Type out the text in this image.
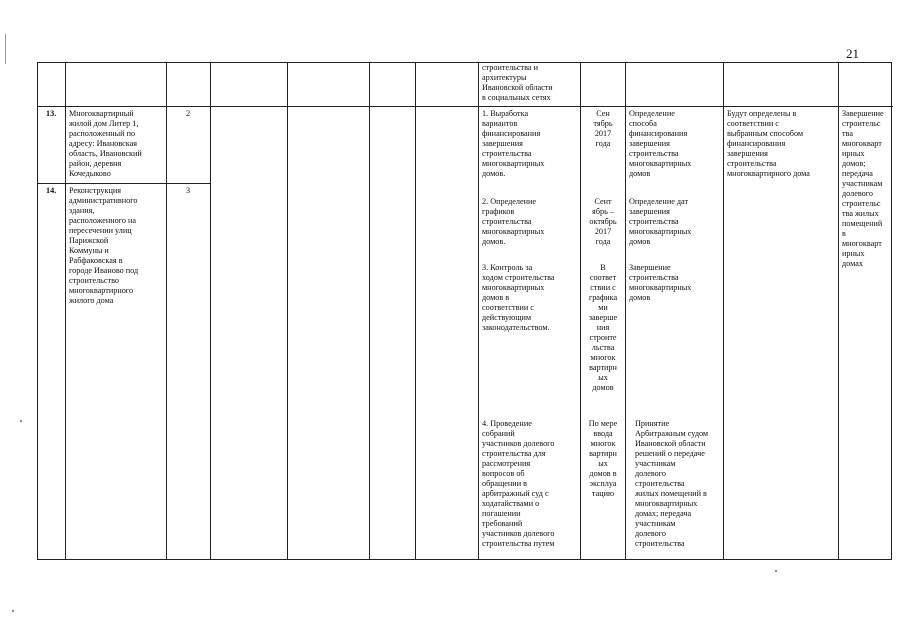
21
строительства и
архитектуры
Ивановской области
в социальных сетях
13.	Многоквартирный
жилой дом Литер 1,
расположенный по
адресу: Ивановская
область, Ивановский
район, деревня
Кочедыково
2
14.	Реконструкция
административного
здания,
расположенного на
пересечении улиц
Парижской
Коммуны и
Рабфаковская в
городе Иваново под
строительство
многоквартирного
жилого дома
3
1. Выработка
вариантов
финансирования
завершения
строительства
многоквартирных
домов.
Сен
тябрь
2017
года
Определение
способа
финансирования
завершения
строительства
многоквартирных
домов
2. Определение
графиков
строительства
многоквартирных
домов.
Сент
ябрь –
октябрь
2017
года
Определение дат
завершения
строительства
многоквартирных
домов
3. Контроль за
ходом строительства
многоквартирных
домов в
соответствии с
действующим
законодательством.
В
соответ
ствии с
графика
ми
заверше
ния
строите
льства
многок
вартирн
ых
домов
Завершение
строительства
многоквартирных
домов
4. Проведение
собраний
участников долевого
строительства для
рассмотрения
вопросов об
обращении в
арбитражный суд с
ходатайствами о
погашении
требований
участников долевого
строительства путем
По мере
ввода
многок
вартирн
ых
домов в
эксплуа
тацию
Принятие
Арбитражным судом
Ивановской области
решений о передаче
участникам
долевого
строительства
жилых помещений в
многоквартирных
домах; передача
участникам
долевого
строительства
Будут определены в
соответствии с
выбранным способом
финансирования
завершения
строительства
многоквартирного дома
Завершение
строительс
тва
многокварт
ирных
домов;
передача
участникам
долевого
строительс
тва жилых
помещений
в
многокварт
ирных
домах
